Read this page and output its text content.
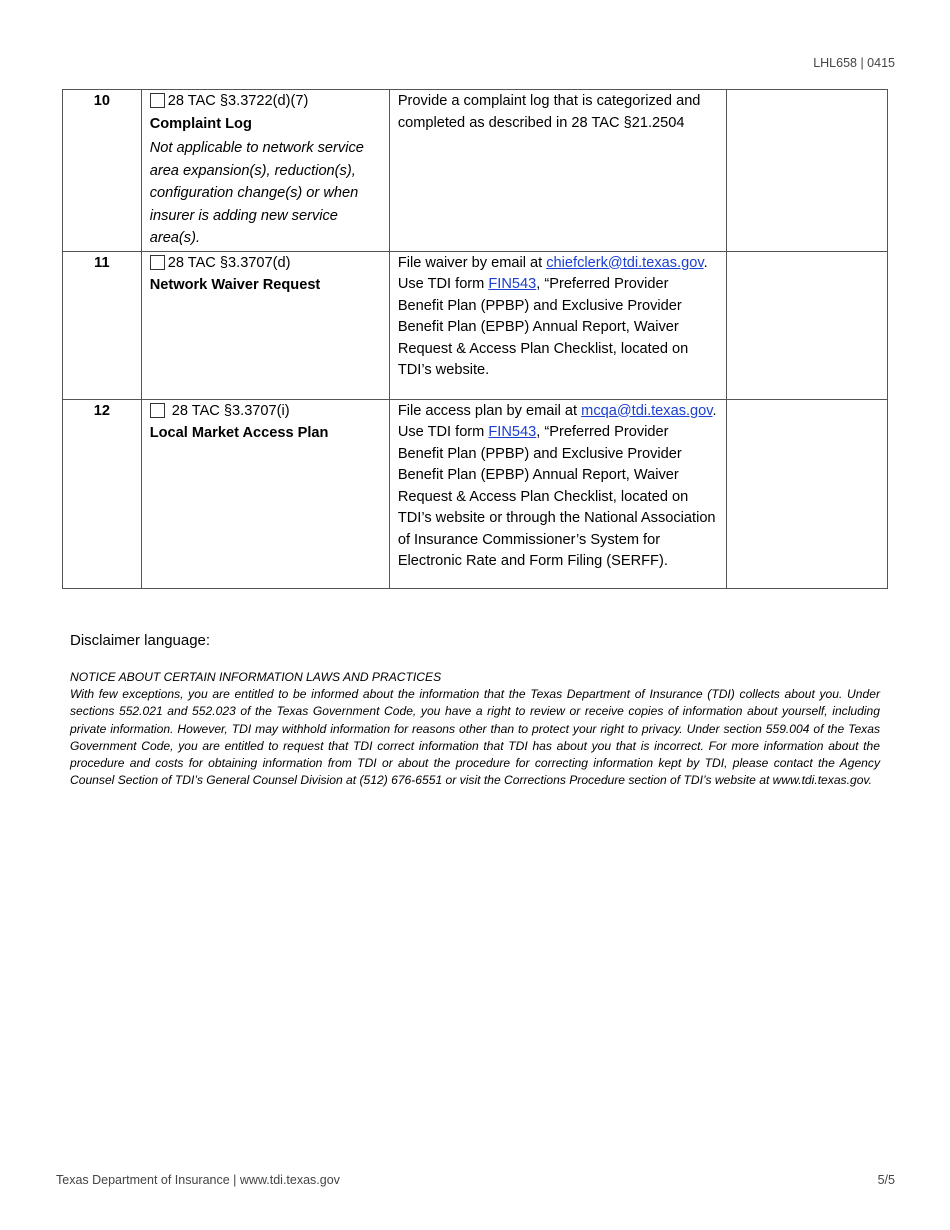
LHL658 | 0415
10	28 TAC §3.3722(d)(7)
Complaint Log
Not applicable to network service area expansion(s), reduction(s), configuration change(s) or when insurer is adding new service area(s).	Provide a complaint log that is categorized and completed as described in 28 TAC §21.2504	
11	28 TAC §3.3707(d)
Network Waiver Request	File waiver by email at chiefclerk@tdi.texas.gov. Use TDI form FIN543, “Preferred Provider Benefit Plan (PPBP) and Exclusive Provider Benefit Plan (EPBP) Annual Report, Waiver Request & Access Plan Checklist, located on TDI’s website.	
12	28 TAC §3.3707(i)
Local Market Access Plan	File access plan by email at mcqa@tdi.texas.gov. Use TDI form FIN543, “Preferred Provider Benefit Plan (PPBP) and Exclusive Provider Benefit Plan (EPBP) Annual Report, Waiver Request & Access Plan Checklist, located on TDI’s website or through the National Association of Insurance Commissioner’s System for Electronic Rate and Form Filing (SERFF).	
Disclaimer language:
NOTICE ABOUT CERTAIN INFORMATION LAWS AND PRACTICES
With few exceptions, you are entitled to be informed about the information that the Texas Department of Insurance (TDI) collects about you. Under sections 552.021 and 552.023 of the Texas Government Code, you have a right to review or receive copies of information about yourself, including private information. However, TDI may withhold information for reasons other than to protect your right to privacy. Under section 559.004 of the Texas Government Code, you are entitled to request that TDI correct information that TDI has about you that is incorrect. For more information about the procedure and costs for obtaining information from TDI or about the procedure for correcting information kept by TDI, please contact the Agency Counsel Section of TDI’s General Counsel Division at (512) 676-6551 or visit the Corrections Procedure section of TDI’s website at www.tdi.texas.gov.
Texas Department of Insurance | www.tdi.texas.gov	5/5
